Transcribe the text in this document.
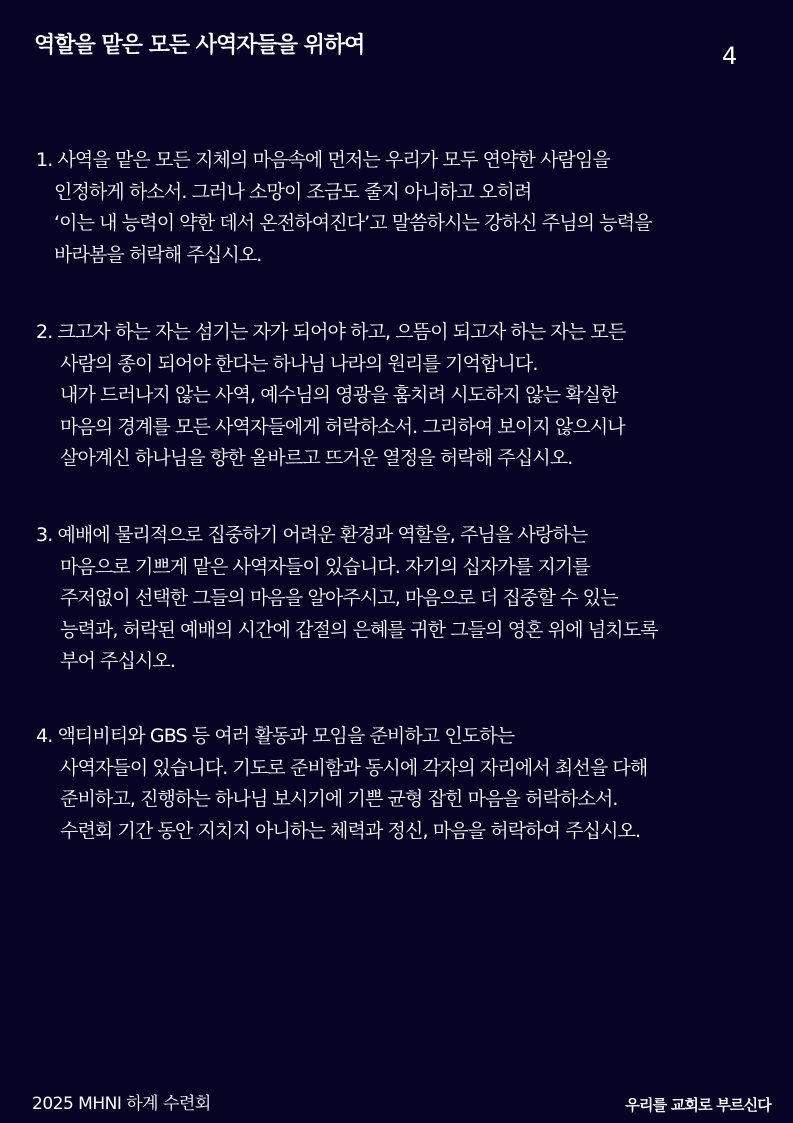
역할을 맡은 모든 사역자들을 위하여	4
1. 사역을 맡은 모든 지체의 마음속에 먼저는 우리가 모두 연약한 사람임을
인정하게 하소서. 그러나 소망이 조금도 줄지 아니하고 오히려
‘이는 내 능력이 약한 데서 온전하여진다’고 말씀하시는 강하신 주님의 능력을
바라봄을 허락해 주십시오.
2. 크고자 하는 자는 섬기는 자가 되어야 하고, 으뜸이 되고자 하는 자는 모든
사람의 종이 되어야 한다는 하나님 나라의 원리를 기억합니다.
내가 드러나지 않는 사역, 예수님의 영광을 훔치려 시도하지 않는 확실한
마음의 경계를 모든 사역자들에게 허락하소서. 그리하여 보이지 않으시나
살아계신 하나님을 향한 올바르고 뜨거운 열정을 허락해 주십시오.
3. 예배에 물리적으로 집중하기 어려운 환경과 역할을, 주님을 사랑하는
마음으로 기쁘게 맡은 사역자들이 있습니다. 자기의 십자가를 지기를
주저없이 선택한 그들의 마음을 알아주시고, 마음으로 더 집중할 수 있는
능력과, 허락된 예배의 시간에 갑절의 은혜를 귀한 그들의 영혼 위에 넘치도록
부어 주십시오.
4. 액티비티와 GBS 등 여러 활동과 모임을 준비하고 인도하는
사역자들이 있습니다. 기도로 준비함과 동시에 각자의 자리에서 최선을 다해
준비하고, 진행하는 하나님 보시기에 기쁜 균형 잡힌 마음을 허락하소서.
수련회 기간 동안 지치지 아니하는 체력과 정신, 마음을 허락하여 주십시오.
2025 MHNI 하계 수련회	우리를 교회로 부르신다
